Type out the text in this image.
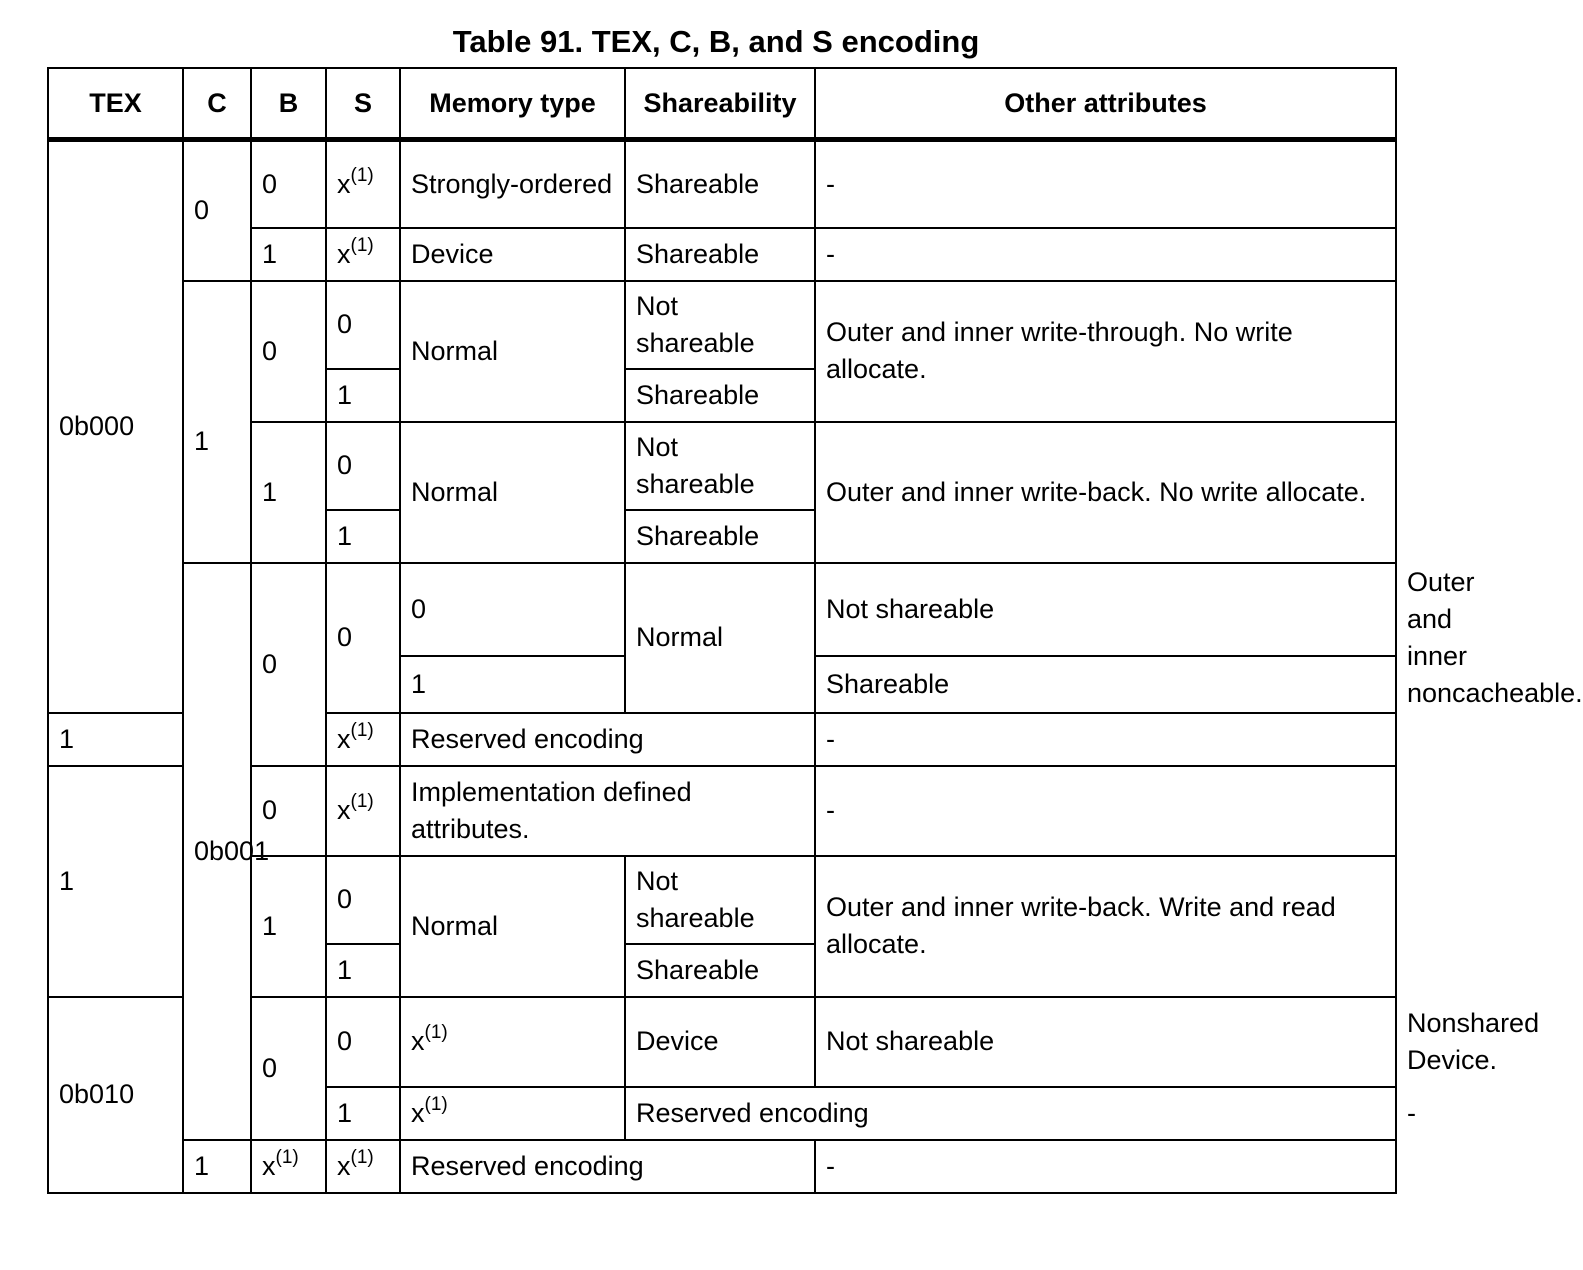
Table 91. TEX, C, B, and S encoding
TEX	C	B	S	Memory type	Shareability	Other attributes	
0b000	0	0	$x^{(1)}$	Strongly-ordered	Shareable	-	
		1	$x^{(1)}$	Device	Shareable	-	
	1	0	0	Normal	Not shareable	Outer and inner write-through. No write allocate.	
			1		Shareable		
		1	0	Normal	Not shareable	Outer and inner write-back. No write allocate.	
			1		Shareable		
	0b001	0	0	0	Normal	Not shareable	Outer and inner noncacheable.
				1		Shareable	
1			$x^{(1)}$	Reserved encoding		-	
1		0	$x^{(1)}$	Implementation defined attributes.		-	
		1	0	Normal	Not shareable	Outer and inner write-back. Write and read allocate.	
			1		Shareable		
0b010		0	0	$x^{(1)}$	Device	Not shareable	Nonshared Device.
			1	$x^{(1)}$	Reserved encoding		-
	1	$x^{(1)}$	$x^{(1)}$	Reserved encoding		-	
